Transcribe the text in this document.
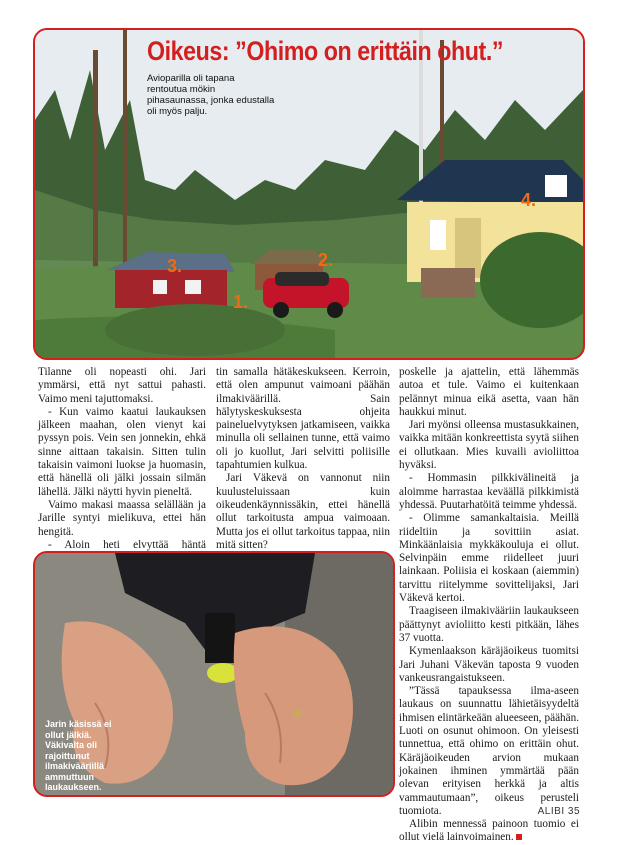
Oikeus: ”Ohimo on erittäin ohut.”

Avioparilla oli tapana rentoutua mökin pihasaunassa, jonka edustalla oli myös palju.

1.
2.
3.
4.

Tilanne oli nopeasti ohi. Jari ymmärsi, että nyt sattui pahasti. Vaimo meni tajuttomaksi.

- Kun vaimo kaatui laukauksen jälkeen maahan, olen vienyt kai pyssyn pois. Vein sen jonnekin, ehkä sinne aittaan takaisin. Sitten tulin takaisin vaimoni luokse ja huomasin, että hänellä oli jälki jossain silmän lähellä. Jälki näytti hyvin pieneltä.

Vaimo makasi maassa selällään ja Jarille syntyi mielikuva, ettei hän hengitä.

- Aloin heti elvyttää häntä

tin samalla hätäkeskukseen. Kerroin, että olen ampunut vaimoani päähän ilmakiväärillä. Sain hälytyskeskuksesta ohjeita paineluelvytyksen jatkamiseen, vaikka minulla oli sellainen tunne, että vaimo oli jo kuollut, Jari selvitti poliisille tapahtumien kulkua.

Jari Väkevä on vannonut niin kuulusteluissaan kuin oikeudenkäynnissäkin, ettei hänellä ollut tarkoitusta ampua vaimoaan. Mutta jos ei ollut tarkoitus tappaa, niin mitä sitten?

poskelle ja ajattelin, että lähemmäs autoa et tule. Vaimo ei kuitenkaan pelännyt minua eikä asetta, vaan hän haukkui minut.

Jari myönsi olleensa mustasukkainen, vaikka mitään konkreettista syytä siihen ei ollutkaan. Mies kuvaili avioliittoa hyväksi.

- Hommasin pilkkivälineitä ja aloimme harrastaa keväällä pilkkimistä yhdessä. Puutarhatöitä teimme yhdessä.

- Olimme samankaltaisia. Meillä riideltiin ja sovittiin asiat. Minkäänlaisia mykkäkouluja ei ollut. Selvinpäin emme riidelleet juuri lainkaan. Poliisia ei koskaan (aiemmin) tarvittu riitelymme sovittelijaksi, Jari Väkevä kertoi.

Traagiseen ilmakivääriin laukaukseen päättynyt avioliitto kesti pitkään, lähes 37 vuotta.

Kymenlaakson käräjäoikeus tuomitsi Jari Juhani Väkevän taposta 9 vuoden vankeusrangaistukseen.

”Tässä tapauksessa ilma-aseen laukaus on suunnattu lähietäisyydeltä ihmisen elintärkeään alueeseen, päähän. Luoti on osunut ohimoon. On yleisesti tunnettua, että ohimo on erittäin ohut. Käräjäoikeuden arvion mukaan jokainen ihminen ymmärtää pään olevan erityisen herkkä ja altis vammautumaan”, oikeus perusteli tuomiota.

Alibin mennessä painoon tuomio ei ollut vielä lainvoimainen.

Jarin käsissä ei ollut jälkiä. Väkivalta oli rajoittunut ilmakivääriillä ammuttuun laukaukseen.

ALIBI 35
